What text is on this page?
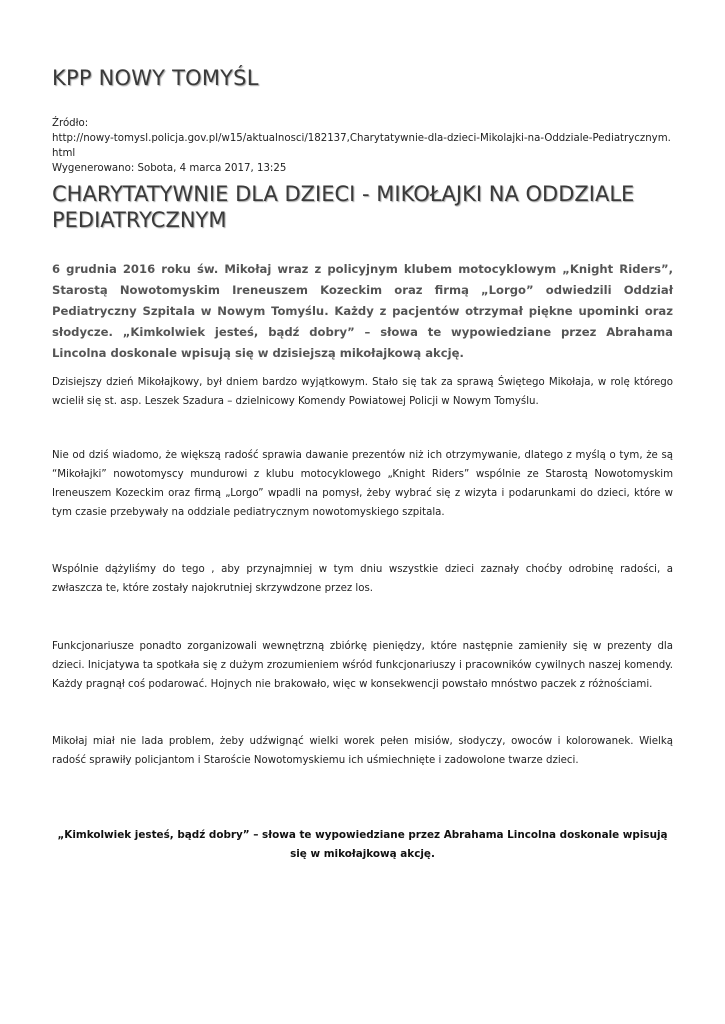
KPP NOWY TOMYŚL
Źródło:
http://nowy-tomysl.policja.gov.pl/w15/aktualnosci/182137,Charytatywnie-dla-dzieci-Mikolajki-na-Oddziale-Pediatrycznym.html
Wygenerowano: Sobota, 4 marca 2017, 13:25
CHARYTATYWNIE DLA DZIECI - MIKOŁAJKI NA ODDZIALE PEDIATRYCZNYM

6 grudnia 2016 roku św. Mikołaj wraz z policyjnym klubem motocyklowym „Knight Riders”, Starostą Nowotomyskim Ireneuszem Kozeckim oraz firmą „Lorgo” odwiedzili Oddział Pediatryczny Szpitala w Nowym Tomyślu. Każdy z pacjentów otrzymał piękne upominki oraz słodycze. „Kimkolwiek jesteś, bądź dobry” – słowa te wypowiedziane przez Abrahama Lincolna doskonale wpisują się w dzisiejszą mikołajkową akcję.

Dzisiejszy dzień Mikołajkowy, był dniem bardzo wyjątkowym. Stało się tak za sprawą Świętego Mikołaja, w rolę którego wcielił się st. asp. Leszek Szadura – dzielnicowy Komendy Powiatowej Policji w Nowym Tomyślu.

Nie od dziś wiadomo, że większą radość sprawia dawanie prezentów niż ich otrzymywanie, dlatego z myślą o tym, że są “Mikołajki” nowotomyscy mundurowi z klubu motocyklowego „Knight Riders” wspólnie ze Starostą Nowotomyskim Ireneuszem Kozeckim oraz firmą „Lorgo” wpadli na pomysł, żeby wybrać się z wizyta i podarunkami do dzieci, które w tym czasie przebywały na oddziale pediatrycznym nowotomyskiego szpitala.

Wspólnie dążyliśmy do tego , aby przynajmniej w tym dniu wszystkie dzieci zaznały choćby odrobinę radości, a zwłaszcza te, które zostały najokrutniej skrzywdzone przez los.

Funkcjonariusze ponadto zorganizowali wewnętrzną zbiórkę pieniędzy, które następnie zamieniły się w prezenty dla dzieci. Inicjatywa ta spotkała się z dużym zrozumieniem wśród funkcjonariuszy i pracowników cywilnych naszej komendy. Każdy pragnął coś podarować. Hojnych nie brakowało, więc w konsekwencji powstało mnóstwo paczek z różnościami.

Mikołaj miał nie lada problem, żeby udźwignąć wielki worek pełen misiów, słodyczy, owoców i kolorowanek. Wielką radość sprawiły policjantom i Staroście Nowotomyskiemu ich uśmiechnięte i zadowolone twarze dzieci.

„Kimkolwiek jesteś, bądź dobry” – słowa te wypowiedziane przez Abrahama Lincolna doskonale wpisują się w mikołajkową akcję.
